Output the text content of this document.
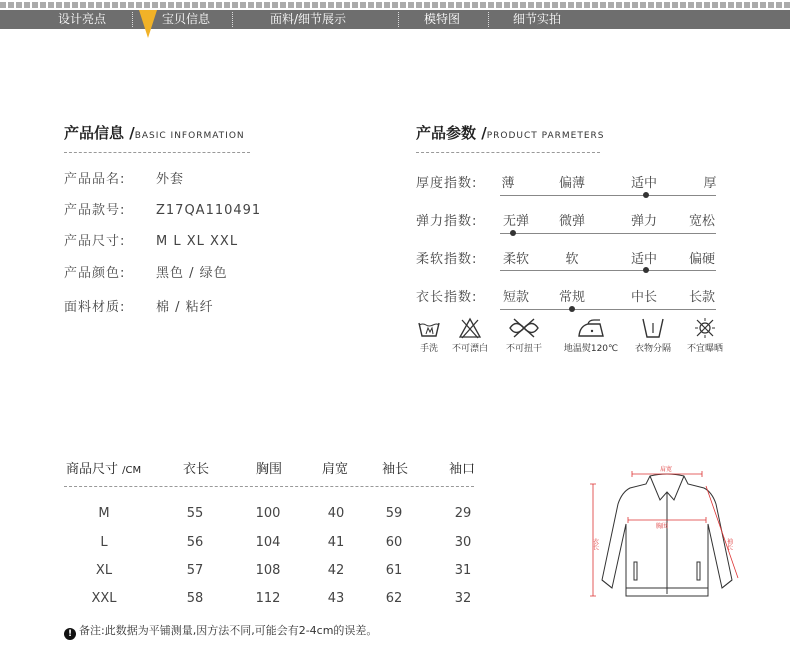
设计亮点	宝贝信息	面料/细节展示	模特图	细节实拍
产品信息 /BASIC INFORMATION
产品品名: 外套
产品款号: Z17QA110491
产品尺寸: M L XL XXL
产品颜色: 黑色 / 绿色
面料材质: 棉 / 粘纤
产品参数 /PRODUCT PARMETERS
厚度指数:	薄	偏薄	适中	厚
弹力指数:	无弹	微弹	弹力	宽松
柔软指数:	柔软	软	适中	偏硬
衣长指数:	短款	常规	中长	长款
手洗	不可漂白	不可扭干	地温熨120℃	衣物分隔	不宜曝晒
商品尺寸 /CM	衣长	胸围	肩宽	袖长	袖口
M	55	100	40	59	29
L	56	104	41	60	30
XL	57	108	42	61	31
XXL	58	112	43	62	32
肩宽
胸围
衣长	袖长
! 备注:此数据为平铺测量,因方法不同,可能会有2-4cm的误差。
